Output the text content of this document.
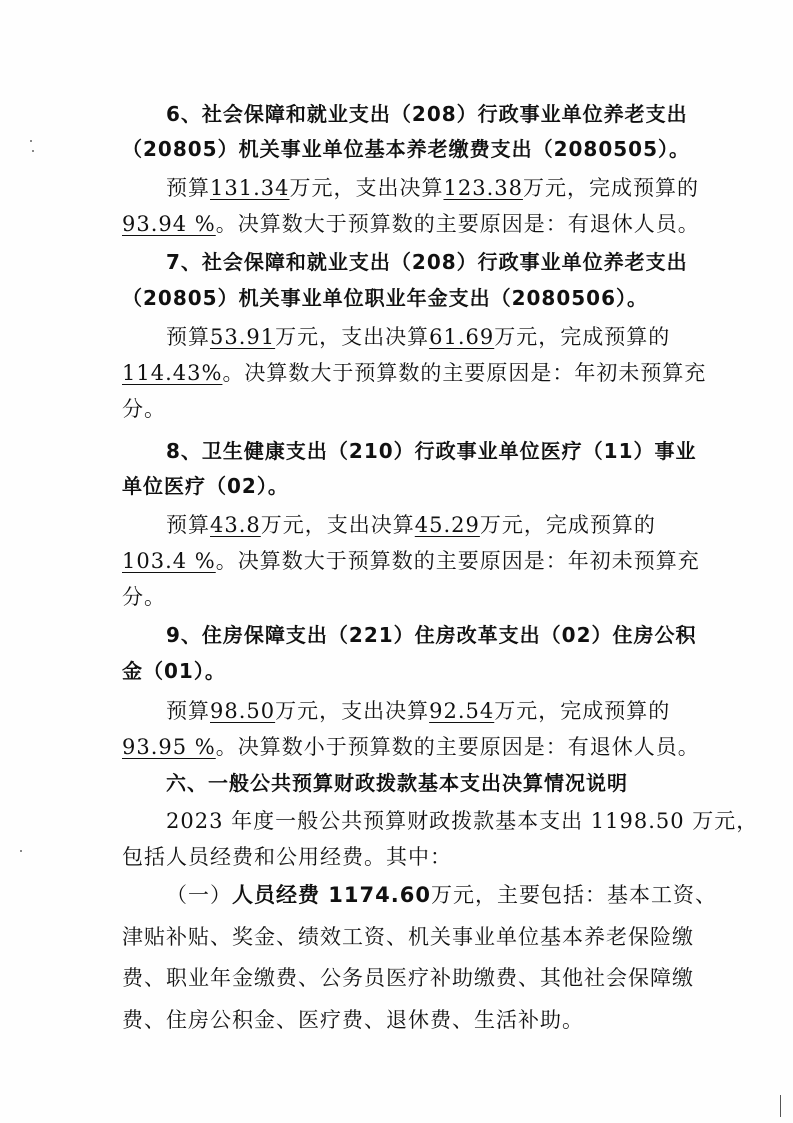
6、社会保障和就业支出（208）行政事业单位养老支出
（20805）机关事业单位基本养老缴费支出（2080505）。
预算131.34万元，支出决算123.38万元，完成预算的
93.94 %。决算数大于预算数的主要原因是：有退休人员。
7、社会保障和就业支出（208）行政事业单位养老支出
（20805）机关事业单位职业年金支出（2080506）。
预算53.91万元，支出决算61.69万元，完成预算的
114.43%。决算数大于预算数的主要原因是：年初未预算充
分。
8、卫生健康支出（210）行政事业单位医疗（11）事业
单位医疗（02）。
预算43.8万元，支出决算45.29万元，完成预算的
103.4 %。决算数大于预算数的主要原因是：年初未预算充
分。
9、住房保障支出（221）住房改革支出（02）住房公积
金（01）。
预算98.50万元，支出决算92.54万元，完成预算的
93.95 %。决算数小于预算数的主要原因是：有退休人员。
六、一般公共预算财政拨款基本支出决算情况说明
2023 年度一般公共预算财政拨款基本支出 1198.50 万元，
包括人员经费和公用经费。其中：
（一）人员经费 1174.60万元，主要包括：基本工资、
津贴补贴、奖金、绩效工资、机关事业单位基本养老保险缴
费、职业年金缴费、公务员医疗补助缴费、其他社会保障缴
费、住房公积金、医疗费、退休费、生活补助。
